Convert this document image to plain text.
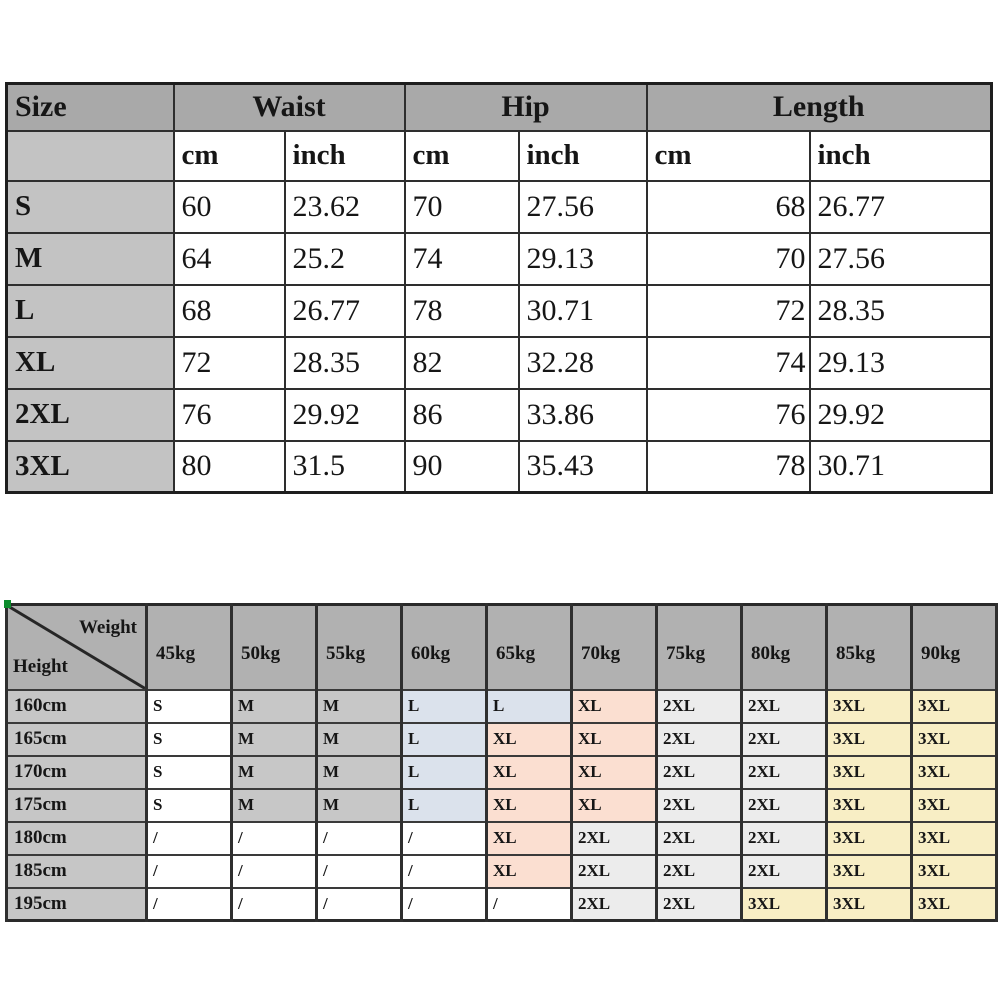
Size	Waist		Hip		Length	
	cm	inch	cm	inch	cm	inch
S	60	23.62	70	27.56	68	26.77
M	64	25.2	74	29.13	70	27.56
L	68	26.77	78	30.71	72	28.35
XL	72	28.35	82	32.28	74	29.13
2XL	76	29.92	86	33.86	76	29.92
3XL	80	31.5	90	35.43	78	30.71
Weight
Height	45kg	50kg	55kg	60kg	65kg	70kg	75kg	80kg	85kg	90kg
160cm	S	M	M	L	L	XL	2XL	2XL	3XL	3XL
165cm	S	M	M	L	XL	XL	2XL	2XL	3XL	3XL
170cm	S	M	M	L	XL	XL	2XL	2XL	3XL	3XL
175cm	S	M	M	L	XL	XL	2XL	2XL	3XL	3XL
180cm	/	/	/	/	XL	2XL	2XL	2XL	3XL	3XL
185cm	/	/	/	/	XL	2XL	2XL	2XL	3XL	3XL
195cm	/	/	/	/	/	2XL	2XL	3XL	3XL	3XL
